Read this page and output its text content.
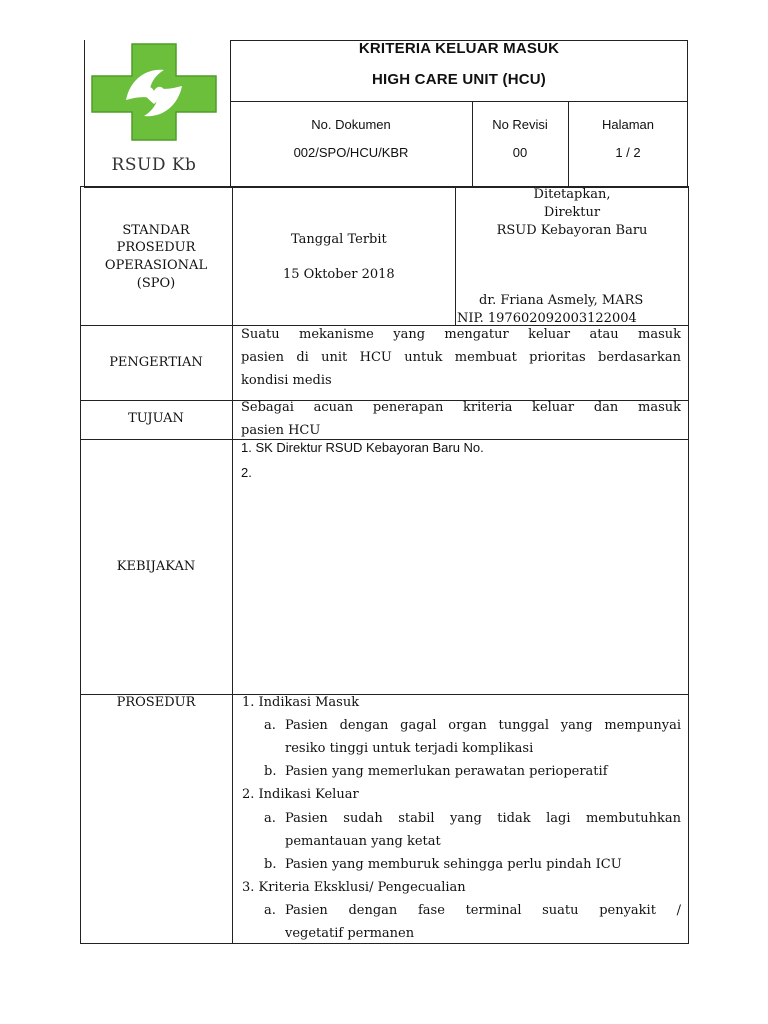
RSUD Kb
KRITERIA KELUAR MASUK
HIGH CARE UNIT (HCU)
No. Dokumen
002/SPO/HCU/KBR
No Revisi
00
Halaman
1 / 2
STANDAR
PROSEDUR
OPERASIONAL
(SPO)
Tanggal Terbit
15 Oktober 2018
Ditetapkan,
Direktur
RSUD Kebayoran Baru
dr. Friana Asmely, MARS
NIP. 197602092003122004
PENGERTIAN
Suatu mekanisme yang mengatur keluar atau masuk
pasien di unit HCU untuk membuat prioritas berdasarkan
kondisi medis
TUJUAN
Sebagai acuan penerapan kriteria keluar dan masuk
pasien HCU
KEBIJAKAN
1. SK Direktur RSUD Kebayoran Baru No.
2.
PROSEDUR	1. Indikasi Masuk
a. Pasien dengan gagal organ tunggal yang mempunyai
resiko tinggi untuk terjadi komplikasi
b. Pasien yang memerlukan perawatan perioperatif
2. Indikasi Keluar
a. Pasien sudah stabil yang tidak lagi membutuhkan
pemantauan yang ketat
b. Pasien yang memburuk sehingga perlu pindah ICU
3. Kriteria Eksklusi/ Pengecualian
a. Pasien dengan fase terminal suatu penyakit /
vegetatif permanen
